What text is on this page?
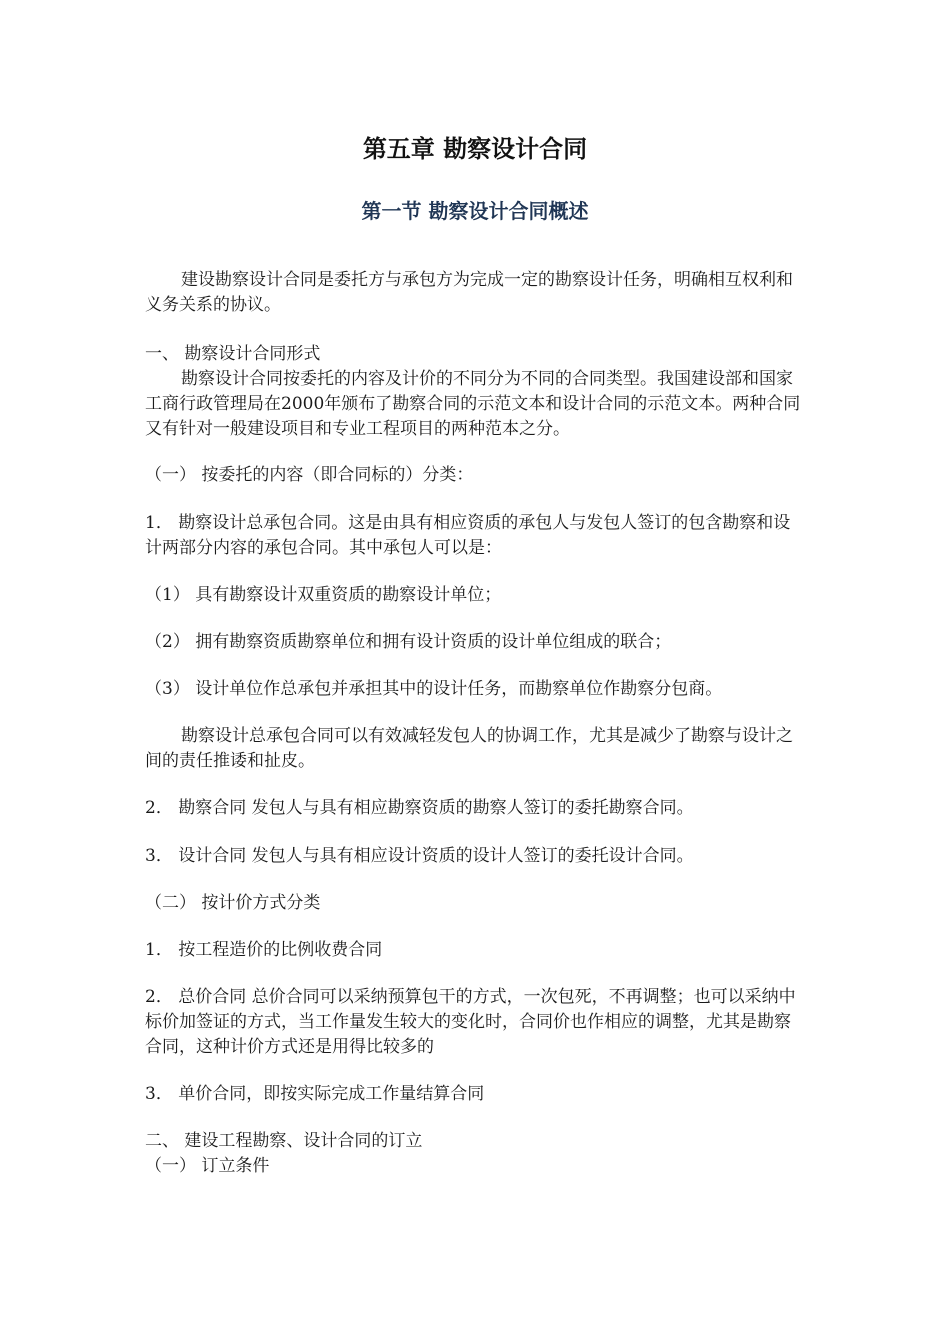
第五章 勘察设计合同
第一节 勘察设计合同概述

建设勘察设计合同是委托方与承包方为完成一定的勘察设计任务，明确相互权利和义务关系的协议。

一、 勘察设计合同形式

勘察设计合同按委托的内容及计价的不同分为不同的合同类型。我国建设部和国家工商行政管理局在2000年颁布了勘察合同的示范文本和设计合同的示范文本。两种合同又有针对一般建设项目和专业工程项目的两种范本之分。

（一） 按委托的内容（即合同标的）分类：

1． 勘察设计总承包合同。这是由具有相应资质的承包人与发包人签订的包含勘察和设计两部分内容的承包合同。其中承包人可以是：

（1） 具有勘察设计双重资质的勘察设计单位；

（2） 拥有勘察资质勘察单位和拥有设计资质的设计单位组成的联合；

（3） 设计单位作总承包并承担其中的设计任务，而勘察单位作勘察分包商。

勘察设计总承包合同可以有效减轻发包人的协调工作，尤其是减少了勘察与设计之间的责任推诿和扯皮。

2． 勘察合同 发包人与具有相应勘察资质的勘察人签订的委托勘察合同。

3． 设计合同 发包人与具有相应设计资质的设计人签订的委托设计合同。

（二） 按计价方式分类

1． 按工程造价的比例收费合同

2． 总价合同 总价合同可以采纳预算包干的方式，一次包死，不再调整；也可以采纳中标价加签证的方式，当工作量发生较大的变化时，合同价也作相应的调整，尤其是勘察合同，这种计价方式还是用得比较多的

3． 单价合同，即按实际完成工作量结算合同

二、 建设工程勘察、设计合同的订立

（一） 订立条件
